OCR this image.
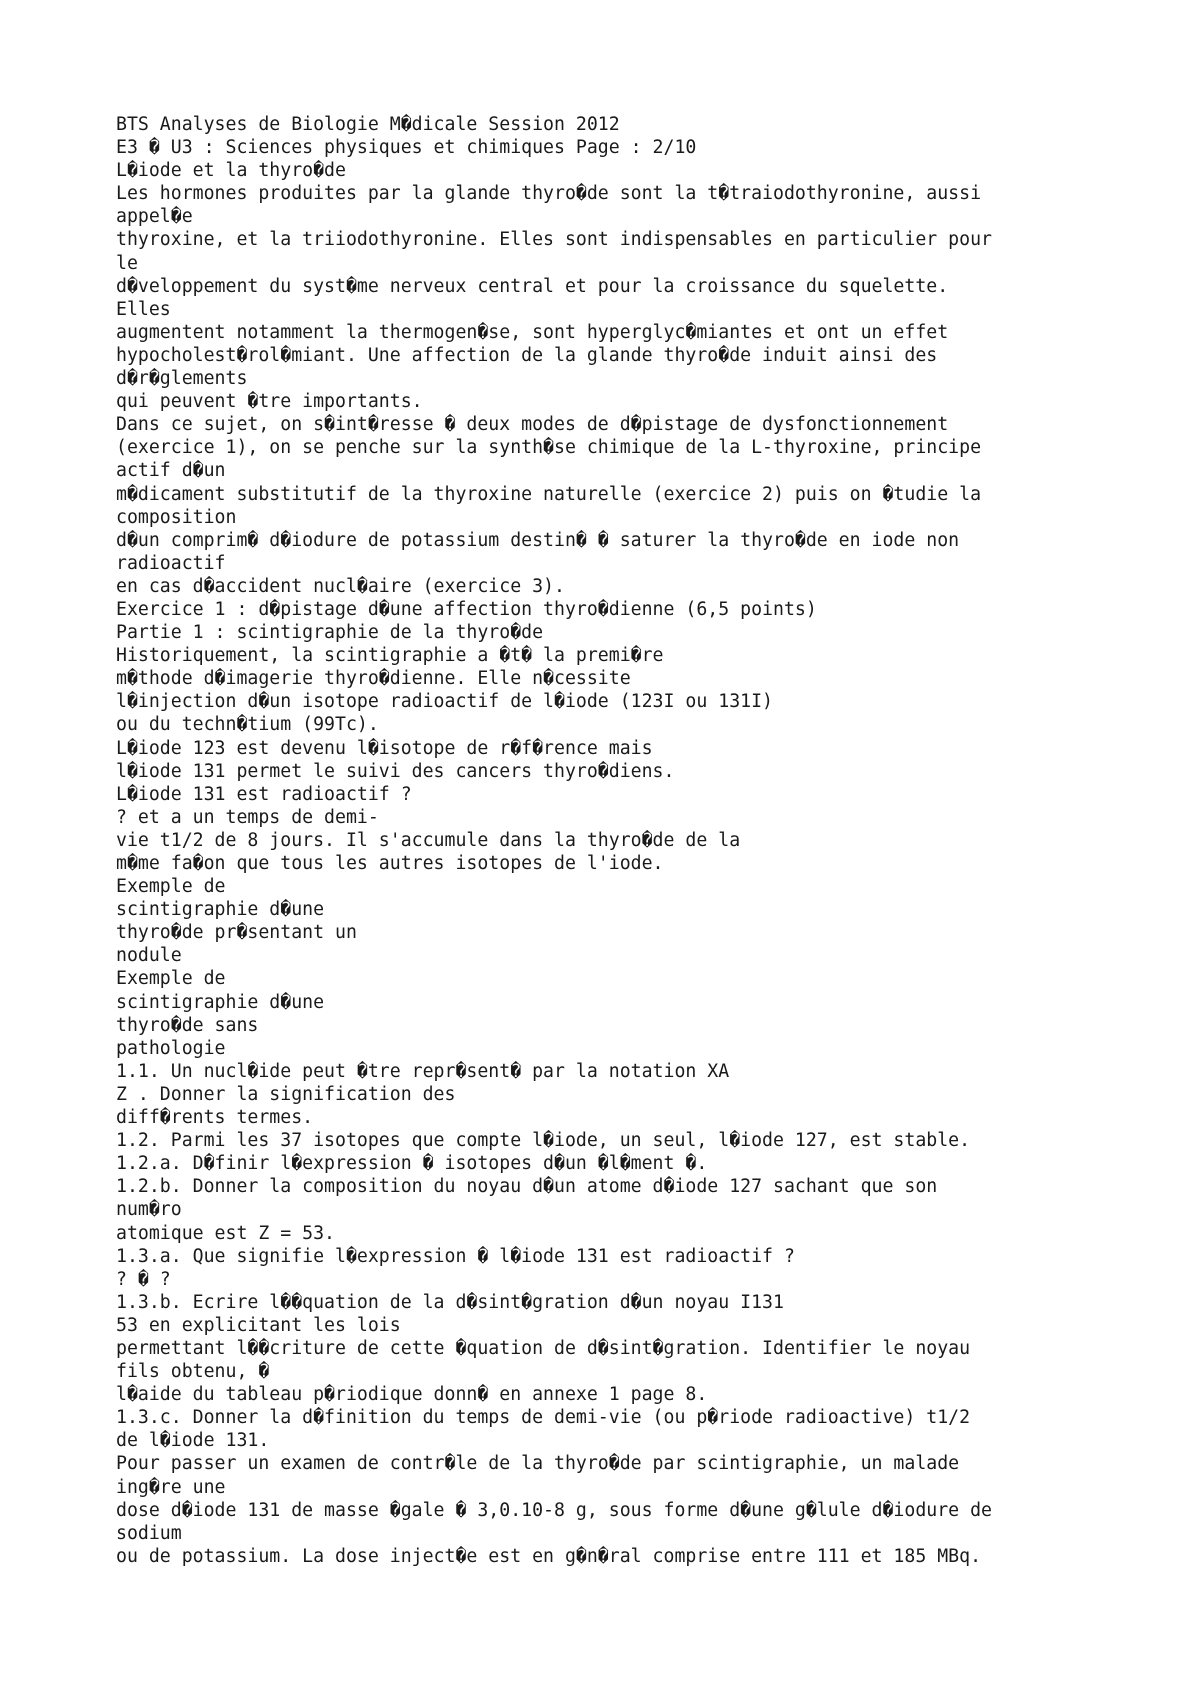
BTS Analyses de Biologie M�dicale Session 2012
E3 � U3 : Sciences physiques et chimiques Page : 2/10
L�iode et la thyro�de
Les hormones produites par la glande thyro�de sont la t�traiodothyronine, aussi
appel�e
thyroxine, et la triiodothyronine. Elles sont indispensables en particulier pour
le
d�veloppement du syst�me nerveux central et pour la croissance du squelette.
Elles
augmentent notamment la thermogen�se, sont hyperglyc�miantes et ont un effet
hypocholest�rol�miant. Une affection de la glande thyro�de induit ainsi des
d�r�glements
qui peuvent �tre importants.
Dans ce sujet, on s�int�resse � deux modes de d�pistage de dysfonctionnement
(exercice 1), on se penche sur la synth�se chimique de la L-thyroxine, principe
actif d�un
m�dicament substitutif de la thyroxine naturelle (exercice 2) puis on �tudie la
composition
d�un comprim� d�iodure de potassium destin� � saturer la thyro�de en iode non
radioactif
en cas d�accident nucl�aire (exercice 3).
Exercice 1 : d�pistage d�une affection thyro�dienne (6,5 points)
Partie 1 : scintigraphie de la thyro�de
Historiquement, la scintigraphie a �t� la premi�re
m�thode d�imagerie thyro�dienne. Elle n�cessite
l�injection d�un isotope radioactif de l�iode (123I ou 131I)
ou du techn�tium (99Tc).
L�iode 123 est devenu l�isotope de r�f�rence mais
l�iode 131 permet le suivi des cancers thyro�diens.
L�iode 131 est radioactif ?
? et a un temps de demi-
vie t1/2 de 8 jours. Il s'accumule dans la thyro�de de la
m�me fa�on que tous les autres isotopes de l'iode.
Exemple de
scintigraphie d�une
thyro�de pr�sentant un
nodule
Exemple de
scintigraphie d�une
thyro�de sans
pathologie
1.1. Un nucl�ide peut �tre repr�sent� par la notation XA
Z . Donner la signification des
diff�rents termes.
1.2. Parmi les 37 isotopes que compte l�iode, un seul, l�iode 127, est stable.
1.2.a. D�finir l�expression � isotopes d�un �l�ment �.
1.2.b. Donner la composition du noyau d�un atome d�iode 127 sachant que son
num�ro
atomique est Z = 53.
1.3.a. Que signifie l�expression � l�iode 131 est radioactif ?
? � ?
1.3.b. Ecrire l��quation de la d�sint�gration d�un noyau I131
53 en explicitant les lois
permettant l��criture de cette �quation de d�sint�gration. Identifier le noyau
fils obtenu, �
l�aide du tableau p�riodique donn� en annexe 1 page 8.
1.3.c. Donner la d�finition du temps de demi-vie (ou p�riode radioactive) t1/2
de l�iode 131.
Pour passer un examen de contr�le de la thyro�de par scintigraphie, un malade
ing�re une
dose d�iode 131 de masse �gale � 3,0.10-8 g, sous forme d�une g�lule d�iodure de
sodium
ou de potassium. La dose inject�e est en g�n�ral comprise entre 111 et 185 MBq.
